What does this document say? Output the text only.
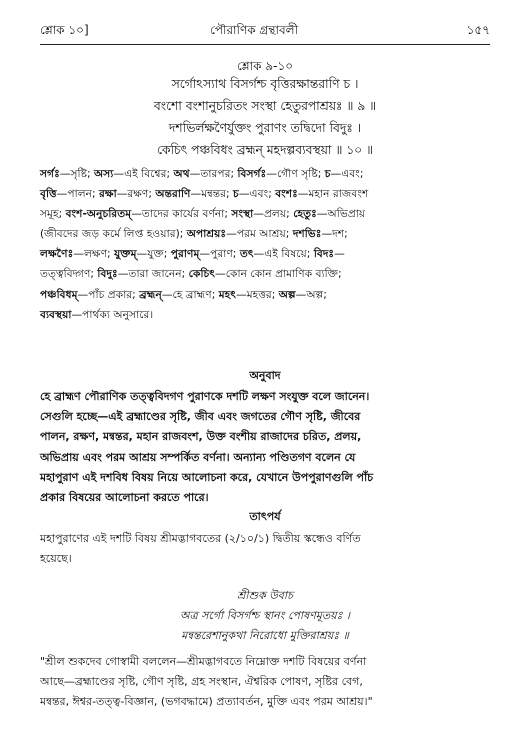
শ্লোক ১০]	পৌরাণিক গ্রন্থাবলী	১৫৭
শ্লোক ৯-১০
সর্গোঽস্যাথ বিসর্গশ্চ বৃত্তিরক্ষান্তরাণি চ ।
বংশো বংশানুচরিতং সংস্থা হেতুরপাশ্রয়ঃ ॥ ৯ ॥
দশভির্লক্ষণৈর্যুক্তং পুরাণং তদ্বিদো বিদুঃ ।
কেচিৎ পঞ্চবিধং ব্রহ্মন্ মহদল্পব্যবস্থয়া ॥ ১০ ॥
সর্গঃ—সৃষ্টি; অস্য—এই বিশ্বের; অথ—তারপর; বিসর্গঃ—গৌণ সৃষ্টি; চ—এবং;
বৃত্তি—পালন; রক্ষা—রক্ষণ; অন্তরাণি—মন্বন্তর; চ—এবং; বংশঃ—মহান রাজবংশ
সমূহ; বংশ-অনুচরিতম্—তাদের কার্যের বর্ণনা; সংস্থা—প্রলয়; হেতুঃ—অভিপ্রায়
(জীবদের জড় কর্মে লিপ্ত হওয়ার); অপাশ্রয়ঃ—পরম আশ্রয়; দশভিঃ—দশ;
লক্ষণৈঃ—লক্ষণ; যুক্তম্—যুক্ত; পুরাণম্—পুরাণ; তৎ—এই বিষয়ে; বিদঃ—
তত্ত্ববিদ্গণ; বিদুঃ—তারা জানেন; কেচিৎ—কোন কোন প্রামাণিক ব্যক্তি;
পঞ্চবিধম্—পাঁচ প্রকার; ব্রহ্মন্—হে ব্রাহ্মণ; মহৎ—মহত্তর; অল্প—অল্প;
ব্যবস্থয়া—পার্থক্য অনুসারে।
অনুবাদ
হে ব্রাহ্মণ পৌরাণিক তত্ত্ববিদগণ পুরাণকে দশটি লক্ষণ সংযুক্ত বলে জানেন।
সেগুলি হচ্ছে—এই ব্রহ্মাণ্ডের সৃষ্টি, জীব এবং জগতের গৌণ সৃষ্টি, জীবের
পালন, রক্ষণ, মন্বন্তর, মহান রাজবংশ, উক্ত বংশীয় রাজাদের চরিত, প্রলয়,
অভিপ্রায় এবং পরম আশ্রয় সম্পর্কিত বর্ণনা। অন্যান্য পণ্ডিতগণ বলেন যে
মহাপুরাণ এই দশবিধ বিষয় নিয়ে আলোচনা করে, যেখানে উপপুরাণগুলি পাঁচ
প্রকার বিষয়ের আলোচনা করতে পারে।
তাৎপর্য
মহাপুরাণের এই দশটি বিষয় শ্রীমদ্ভাগবতের (২/১০/১) দ্বিতীয় স্কন্ধেও বর্ণিত
হয়েছে।
শ্রীশুক উবাচ
অত্র সর্গো বিসর্গশ্চ স্থানং পোষণমূতয়ঃ ।
মন্বন্তরেশানুকথা নিরোধো মুক্তিরাশ্রয়ঃ ॥
"শ্রীল শুকদেব গোস্বামী বললেন—শ্রীমদ্ভাগবতে নিম্নোক্ত দশটি বিষয়ের বর্ণনা
আছে—ব্রহ্মাণ্ডের সৃষ্টি, গৌণ সৃষ্টি, গ্রহ সংস্থান, ঐশ্বরিক পোষণ, সৃষ্টির বেগ,
মন্বন্তর, ঈশ্বর-তত্ত্ব-বিজ্ঞান, (ভগবদ্ধামে) প্রত্যাবর্তন, মুক্তি এবং পরম আশ্রয়।"
